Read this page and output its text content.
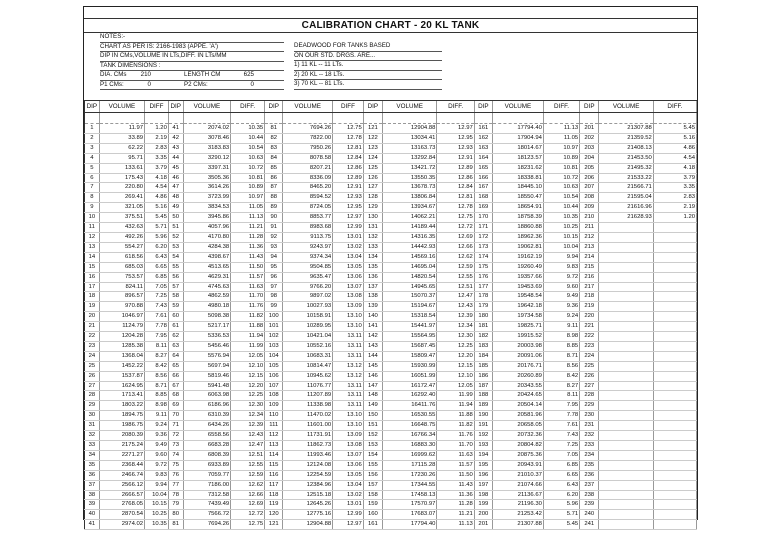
CALIBRATION CHART - 20 KL TANK
NOTES:-
CHART AS PER IS: 2166-1983 (APPE. 'A')
DIP IN CMs,VOLUME IN LTs,DIFF. IN LTs/MM
TANK DIMENSIONS :
DIA. CMs	210	LENGTH CM	625
P1 CMs:	0	P2 CMs:	0
DEADWOOD FOR TANKS BASED
ON OUR STD. DRGS. ARE...
1) 11 KL -- 11 LTs.
2) 20 KL -- 18 LTs.
3) 70 KL -- 81 LTs.
DIP	VOLUME	DIFF	DIP	VOLUME	DIFF.	DIP	VOLUME	DIFF	DIP	VOLUME	DIFF.	DIP	VOLUME	DIFF.	DIP	VOLUME	DIFF.

1	11.97	1.20	41	2074.02	10.35	81	7694.26	12.75	121	12904.88	12.97	161	17794.40	11.13	201	21307.88	5.45
2	33.89	2.19	42	3078.46	10.44	82	7822.00	12.78	122	13034.41	12.95	162	17904.94	11.05	202	21359.52	5.16
3	62.22	2.83	43	3183.83	10.54	83	7950.26	12.81	123	13163.73	12.93	163	18014.67	10.97	203	21408.13	4.86
4	95.71	3.35	44	3290.12	10.63	84	8078.58	12.84	124	13292.84	12.91	164	18123.57	10.89	204	21453.50	4.54
5	133.61	3.79	45	3397.31	10.72	85	8207.21	12.86	125	13421.72	12.89	165	18231.62	10.81	205	21495.32	4.18
6	175.43	4.18	46	3505.36	10.81	86	8336.09	12.89	126	13550.35	12.86	166	18338.81	10.72	206	21533.22	3.79
7	220.80	4.54	47	3614.26	10.89	87	8465.20	12.91	127	13678.73	12.84	167	18445.10	10.63	207	21566.71	3.35
8	269.41	4.86	48	3723.99	10.97	88	8594.52	12.93	128	13806.84	12.81	168	18550.47	10.54	208	21595.04	2.83
9	321.05	5.16	49	3834.53	11.05	89	8724.05	12.95	129	13934.67	12.78	169	18654.91	10.44	209	21616.96	2.19
10	375.51	5.45	50	3945.86	11.13	90	8853.77	12.97	130	14062.21	12.75	170	18758.39	10.35	210	21628.93	1.20
11	432.63	5.71	51	4057.96	11.21	91	8983.68	12.99	131	14189.44	12.72	171	18860.88	10.25	211		
12	492.26	5.96	52	4170.80	11.28	92	9113.75	13.01	132	14316.35	12.69	172	18962.36	10.15	212		
13	554.27	6.20	53	4284.38	11.36	93	9243.97	13.02	133	14442.93	12.66	173	19062.81	10.04	213		
14	618.56	6.43	54	4398.67	11.43	94	9374.34	13.04	134	14569.16	12.62	174	19162.19	9.94	214		
15	685.03	6.65	55	4513.65	11.50	95	9504.85	13.05	135	14695.04	12.59	175	19260.49	9.83	215		
16	753.57	6.85	56	4629.31	11.57	96	9635.47	13.06	136	14820.54	12.55	176	19357.66	9.72	216		
17	824.11	7.05	57	4745.63	11.63	97	9766.20	13.07	137	14945.65	12.51	177	19453.69	9.60	217		
18	896.57	7.25	58	4862.59	11.70	98	9897.02	13.08	138	15070.37	12.47	178	19548.54	9.49	218		
19	970.88	7.43	59	4980.18	11.76	99	10027.93	13.09	139	15194.67	12.43	179	19642.18	9.36	219		
20	1046.97	7.61	60	5098.38	11.82	100	10158.91	13.10	140	15318.54	12.39	180	19734.58	9.24	220		
21	1124.79	7.78	61	5217.17	11.88	101	10289.95	13.10	141	15441.97	12.34	181	19825.71	9.11	221		
22	1204.28	7.95	62	5336.53	11.94	102	10421.04	13.11	142	15564.95	12.30	182	19915.52	8.98	222		
23	1285.38	8.11	63	5456.46	11.99	103	10552.16	13.11	143	15687.45	12.25	183	20003.98	8.85	223		
24	1368.04	8.27	64	5576.94	12.05	104	10683.31	13.11	144	15809.47	12.20	184	20091.06	8.71	224		
25	1452.22	8.42	65	5697.94	12.10	105	10814.47	13.12	145	15930.99	12.15	185	20176.71	8.56	225		
26	1537.87	8.56	66	5819.46	12.15	106	10945.62	13.12	146	16051.99	12.10	186	20260.89	8.42	226		
27	1624.95	8.71	67	5941.48	12.20	107	11076.77	13.11	147	16172.47	12.05	187	20343.55	8.27	227		
28	1713.41	8.85	68	6063.98	12.25	108	11207.89	13.11	148	16292.40	11.99	188	20424.65	8.11	228		
29	1803.22	8.98	69	6186.96	12.30	109	11338.98	13.11	149	16411.76	11.94	189	20504.14	7.95	229		
30	1894.75	9.11	70	6310.39	12.34	110	11470.02	13.10	150	16530.55	11.88	190	20581.96	7.78	230		
31	1986.75	9.24	71	6434.26	12.39	111	11601.00	13.10	151	16648.75	11.82	191	20658.05	7.61	231		
32	2080.39	9.36	72	6558.56	12.43	112	11731.91	13.09	152	16766.34	11.76	192	20732.36	7.43	232		
33	2175.24	9.49	73	6683.28	12.47	113	11862.73	13.08	153	16883.30	11.70	193	20804.82	7.25	233		
34	2271.27	9.60	74	6808.39	12.51	114	11993.46	13.07	154	16999.62	11.63	194	20875.36	7.05	234		
35	2368.44	9.72	75	6933.89	12.55	115	12124.08	13.06	155	17115.28	11.57	195	20943.91	6.85	235		
36	2466.74	9.83	76	7059.77	12.59	116	12254.59	13.05	156	17230.26	11.50	196	21010.37	6.65	236		
37	2566.12	9.94	77	7186.00	12.62	117	12384.96	13.04	157	17344.55	11.43	197	21074.66	6.43	237		
38	2666.57	10.04	78	7312.58	12.66	118	12515.18	13.02	158	17458.13	11.36	198	21136.67	6.20	238		
39	2768.05	10.15	79	7439.49	12.69	119	12645.26	13.01	159	17570.97	11.28	199	21196.30	5.96	239		
40	2870.54	10.25	80	7566.72	12.72	120	12775.16	12.99	160	17683.07	11.21	200	21253.42	5.71	240		
41	2974.02	10.35	81	7694.26	12.75	121	12904.88	12.97	161	17794.40	11.13	201	21307.88	5.45	241		
